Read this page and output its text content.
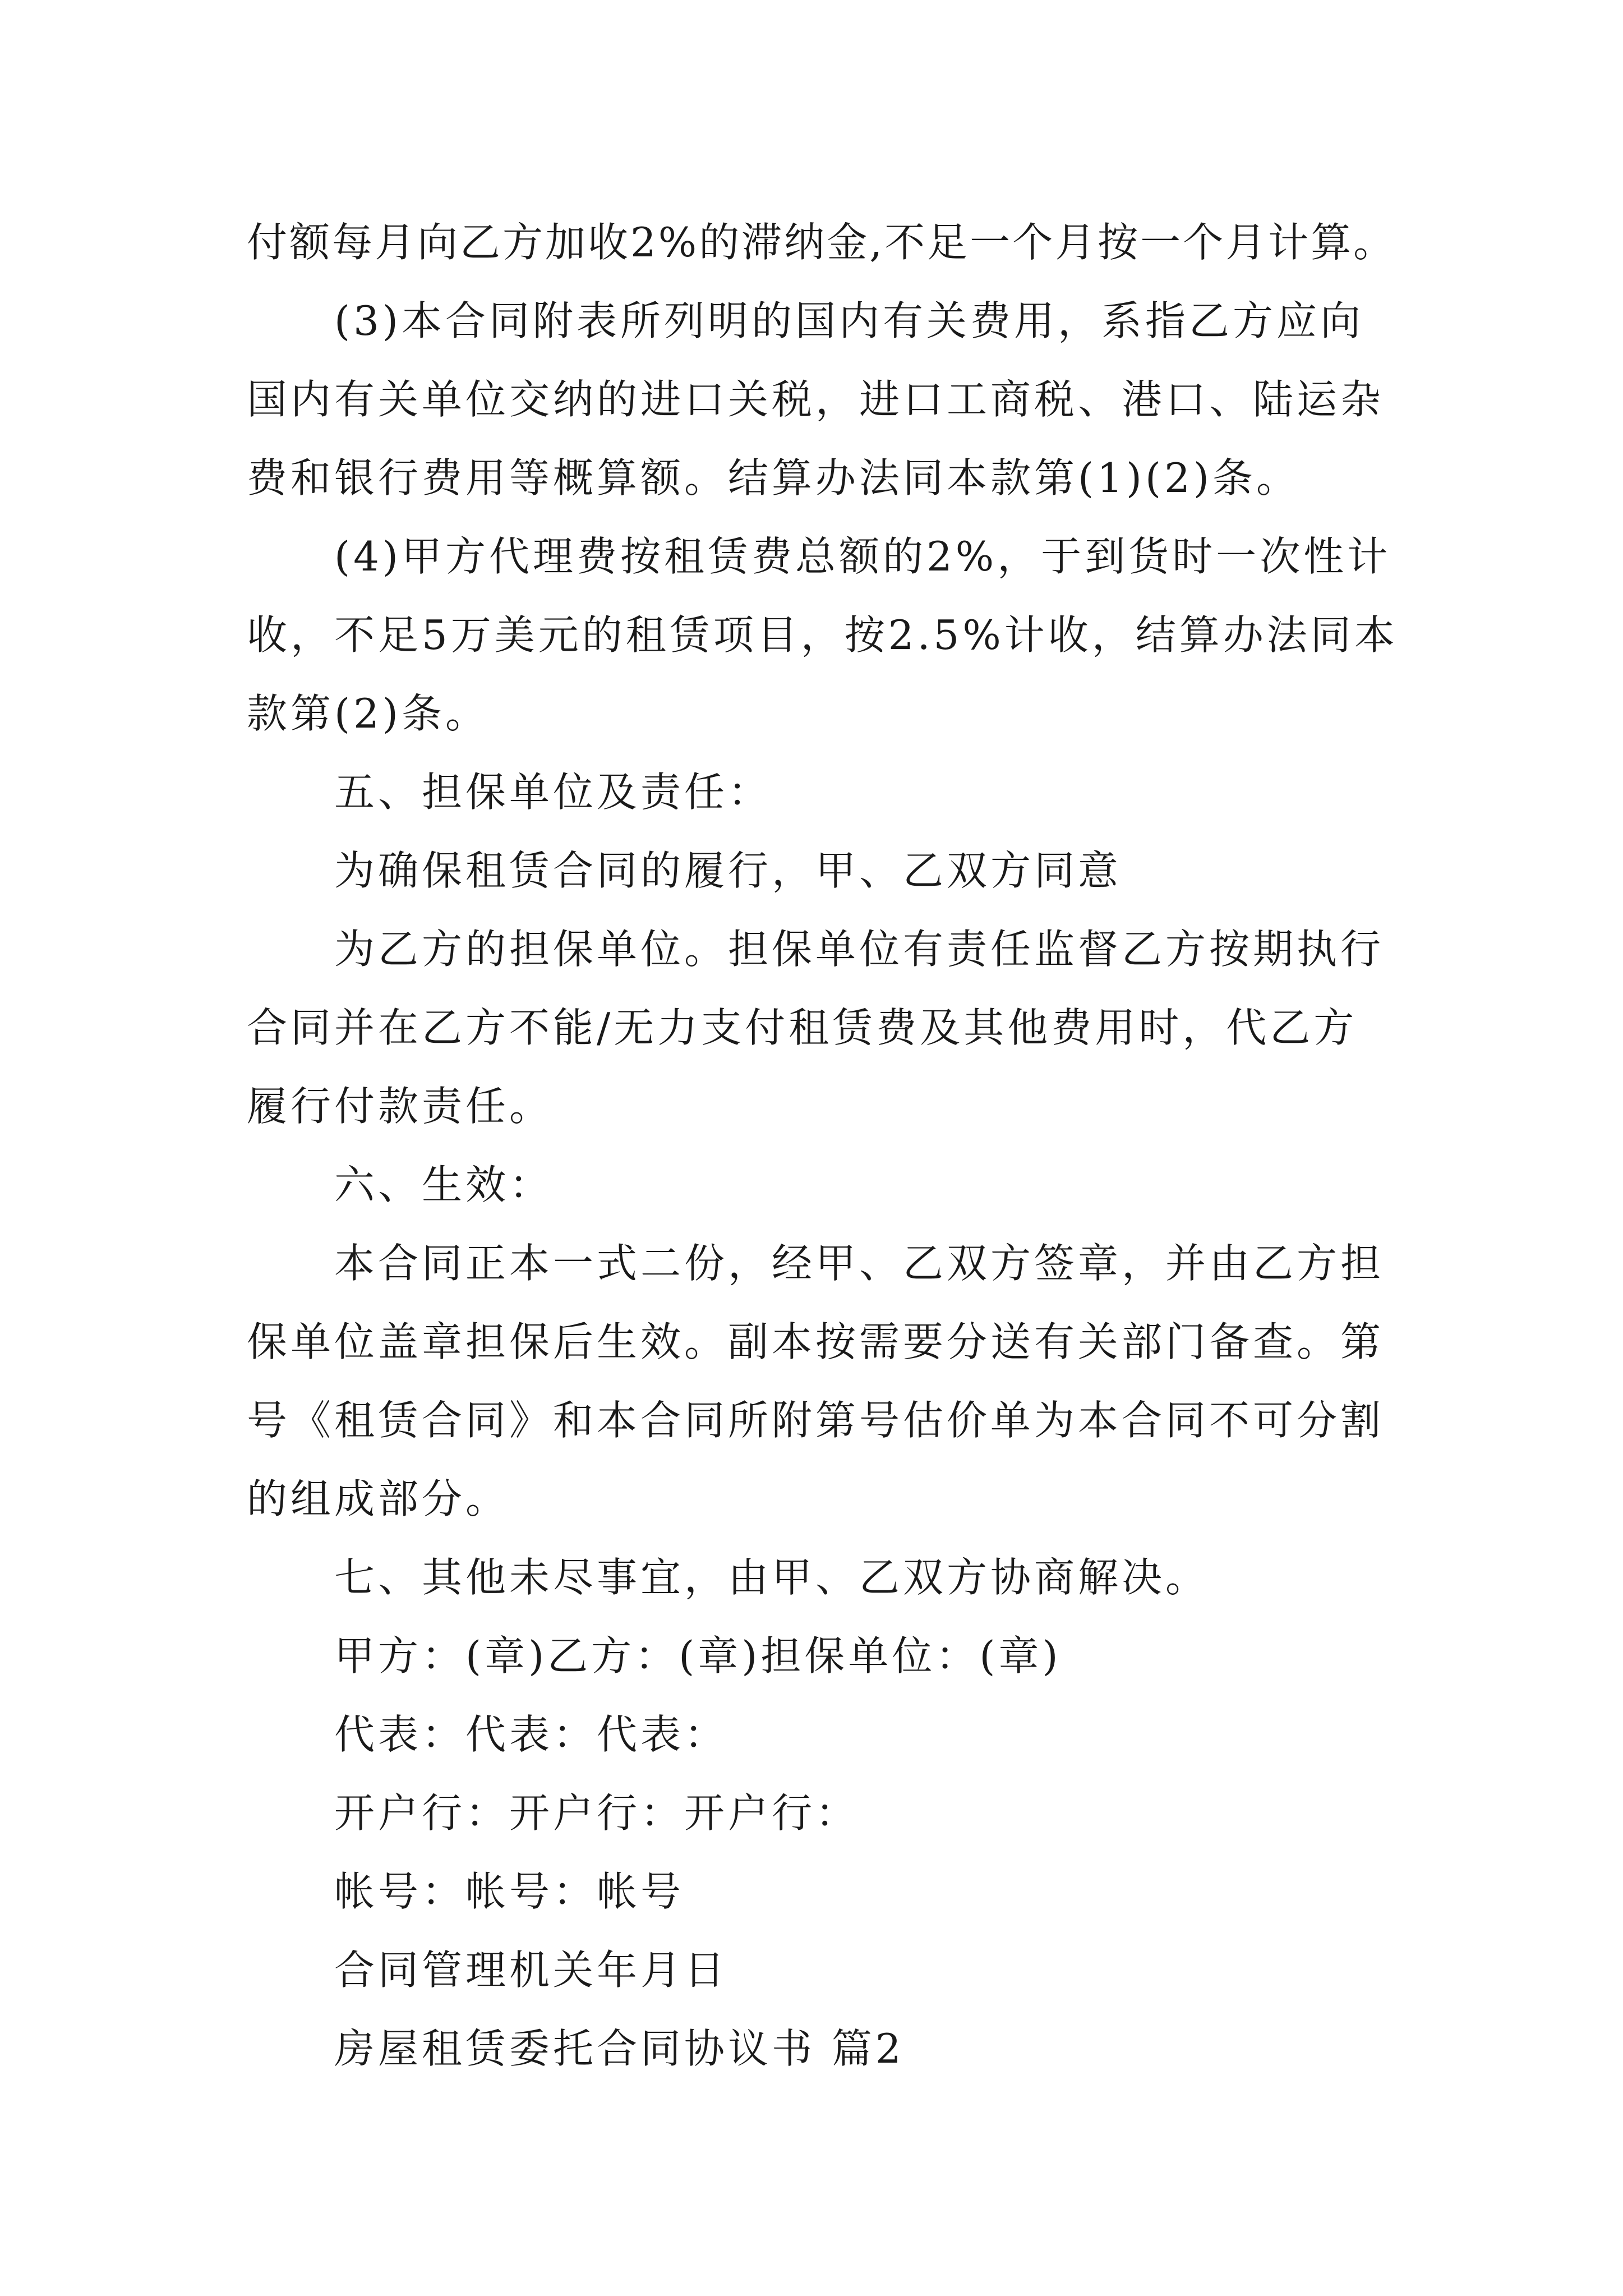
付额每月向乙方加收2%的滞纳金,不足一个月按一个月计算。

(3)本合同附表所列明的国内有关费用，系指乙方应向

国内有关单位交纳的进口关税，进口工商税、港口、陆运杂

费和银行费用等概算额。结算办法同本款第(1)(2)条。

(4)甲方代理费按租赁费总额的2%，于到货时一次性计

收，不足5万美元的租赁项目，按2.5%计收，结算办法同本

款第(2)条。

五、担保单位及责任：

为确保租赁合同的履行，甲、乙双方同意

为乙方的担保单位。担保单位有责任监督乙方按期执行

合同并在乙方不能/无力支付租赁费及其他费用时，代乙方

履行付款责任。

六、生效：

本合同正本一式二份，经甲、乙双方签章，并由乙方担

保单位盖章担保后生效。副本按需要分送有关部门备查。第

号《租赁合同》和本合同所附第号估价单为本合同不可分割

的组成部分。

七、其他未尽事宜，由甲、乙双方协商解决。

甲方：(章)乙方：(章)担保单位：(章)

代表：代表：代表：

开户行：开户行：开户行：

帐号：帐号：帐号

合同管理机关年月日

房屋租赁委托合同协议书 篇2
